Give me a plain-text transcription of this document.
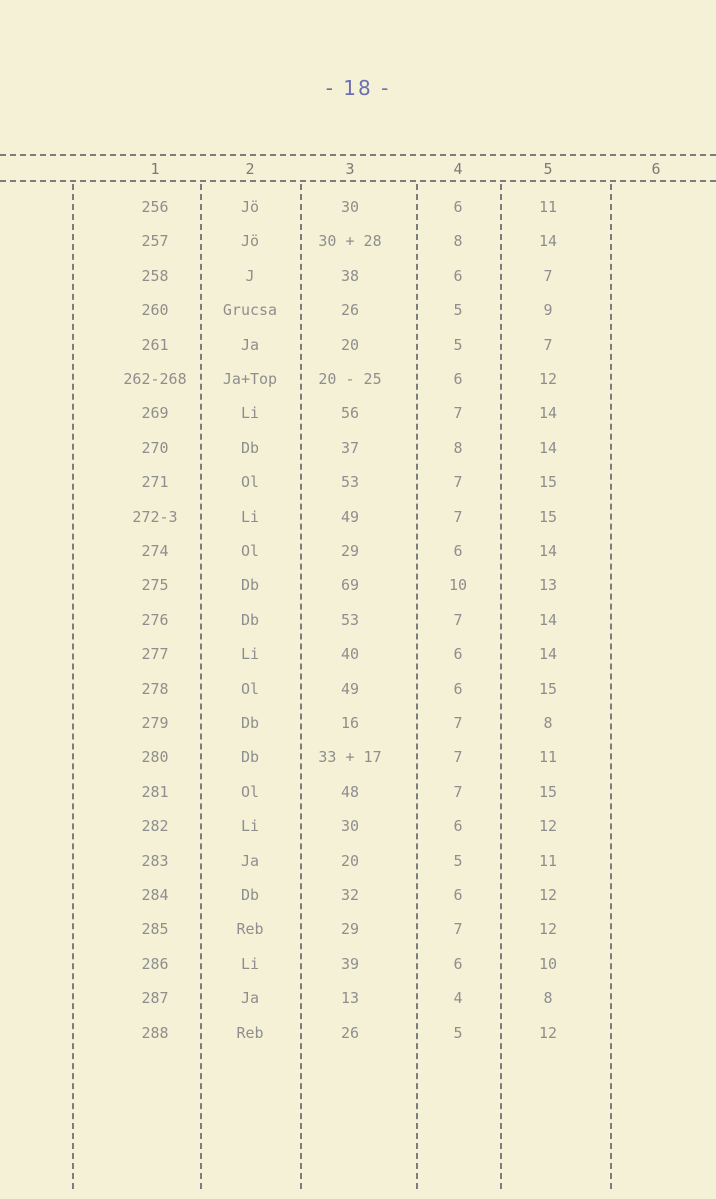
- 18 -
1	2	3	4	5	6
256	Jö	30	6	11
257	Jö	30 + 28	8	14
258	J	38	6	7
260	Grucsa	26	5	9
261	Ja	20	5	7
262-268 Ja+Top	20 - 25	6	12
269	Li	56	7	14
270	Db	37	8	14
271	Ol	53	7	15
272-3	Li	49	7	15
274	Ol	29	6	14
275	Db	69	10	13
276	Db	53	7	14
277	Li	40	6	14
278	Ol	49	6	15
279	Db	16	7	8
280	Db	33 + 17	7	11
281	Ol	48	7	15
282	Li	30	6	12
283	Ja	20	5	11
284	Db	32	6	12
285	Reb	29	7	12
286	Li	39	6	10
287	Ja	13	4	8
288	Reb	26	5	12
